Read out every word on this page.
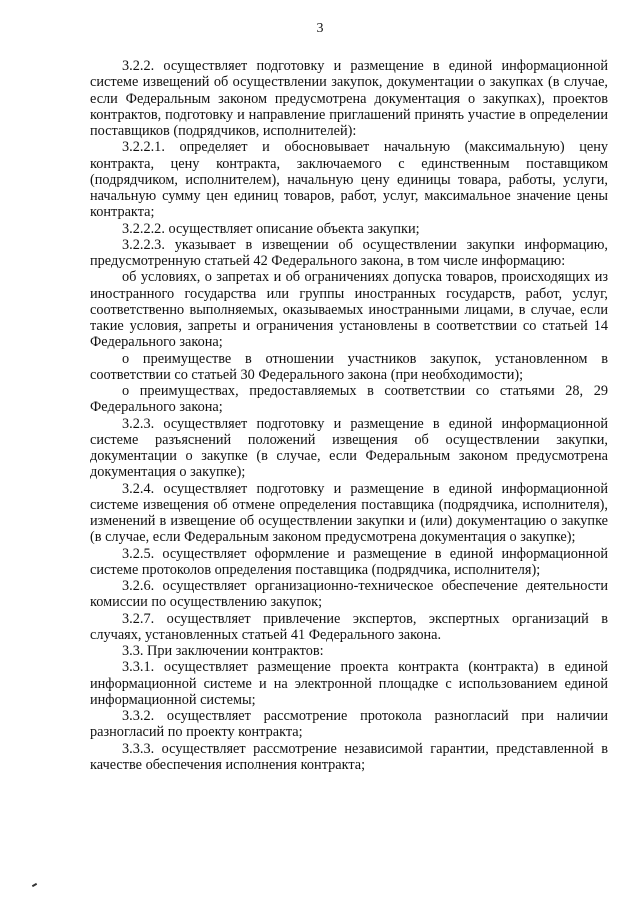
3

3.2.2. осуществляет подготовку и размещение в единой информационной системе извещений об осуществлении закупок, документации о закупках (в случае, если Федеральным законом предусмотрена документация о закупках), проектов контрактов, подготовку и направление приглашений принять участие в определении поставщиков (подрядчиков, исполнителей):

3.2.2.1. определяет и обосновывает начальную (максимальную) цену контракта, цену контракта, заключаемого с единственным поставщиком (подрядчиком, исполнителем), начальную цену единицы товара, работы, услуги, начальную сумму цен единиц товаров, работ, услуг, максимальное значение цены контракта;

3.2.2.2. осуществляет описание объекта закупки;

3.2.2.3. указывает в извещении об осуществлении закупки информацию, предусмотренную статьей 42 Федерального закона, в том числе информацию:

об условиях, о запретах и об ограничениях допуска товаров, происходящих из иностранного государства или группы иностранных государств, работ, услуг, соответственно выполняемых, оказываемых иностранными лицами, в случае, если такие условия, запреты и ограничения установлены в соответствии со статьей 14 Федерального закона;

о преимуществе в отношении участников закупок, установленном в соответствии со статьей 30 Федерального закона (при необходимости);

о преимуществах, предоставляемых в соответствии со статьями 28, 29 Федерального закона;

3.2.3. осуществляет подготовку и размещение в единой информационной системе разъяснений положений извещения об осуществлении закупки, документации о закупке (в случае, если Федеральным законом предусмотрена документация о закупке);

3.2.4. осуществляет подготовку и размещение в единой информационной системе извещения об отмене определения поставщика (подрядчика, исполнителя), изменений в извещение об осуществлении закупки и (или) документацию о закупке (в случае, если Федеральным законом предусмотрена документация о закупке);

3.2.5. осуществляет оформление и размещение в единой информационной системе протоколов определения поставщика (подрядчика, исполнителя);

3.2.6. осуществляет организационно-техническое обеспечение деятельности комиссии по осуществлению закупок;

3.2.7. осуществляет привлечение экспертов, экспертных организаций в случаях, установленных статьей 41 Федерального закона.

3.3. При заключении контрактов:

3.3.1. осуществляет размещение проекта контракта (контракта) в единой информационной системе и на электронной площадке с использованием единой информационной системы;

3.3.2. осуществляет рассмотрение протокола разногласий при наличии разногласий по проекту контракта;

3.3.3. осуществляет рассмотрение независимой гарантии, представленной в качестве обеспечения исполнения контракта;
